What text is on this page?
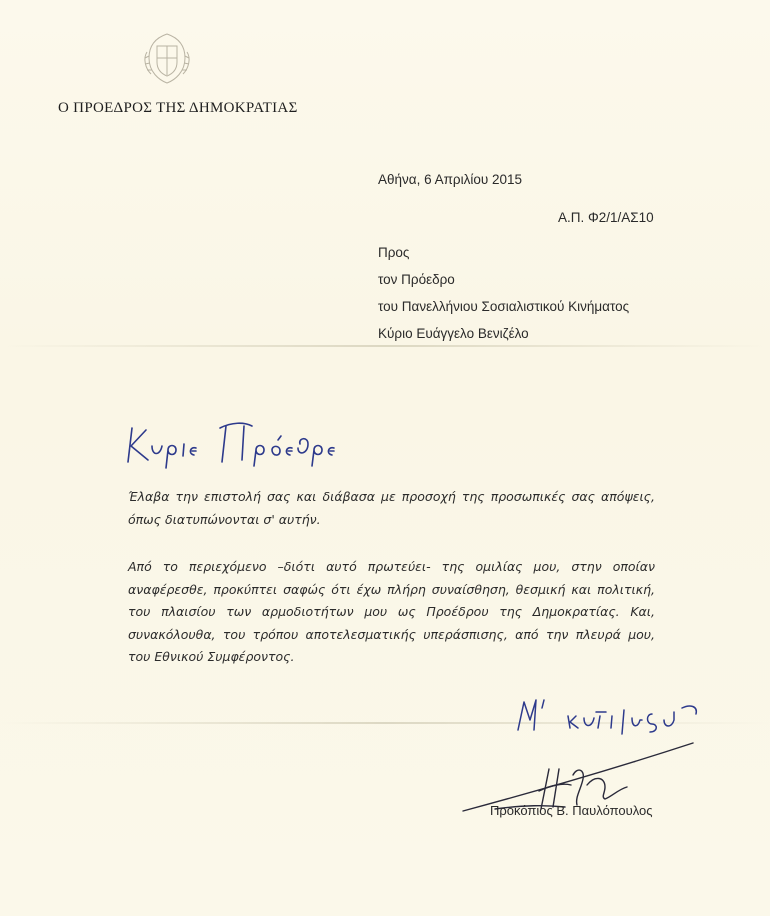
Ο ΠΡΟΕΔΡΟΣ ΤΗΣ ΔΗΜΟΚΡΑΤΙΑΣ
Αθήνα, 6 Απριλίου 2015
Α.Π. Φ2/1/ΑΣ10
Προς
τον Πρόεδρο
του Πανελλήνιου Σοσιαλιστικού Κινήματος
Κύριο Ευάγγελο Βενιζέλο
Έλαβα την επιστολή σας και διάβασα με προσοχή της προσωπικές σας απόψεις,
όπως διατυπώνονται σ' αυτήν.
Από το περιεχόμενο –διότι αυτό πρωτεύει- της ομιλίας μου, στην οποίαν
αναφέρεσθε, προκύπτει σαφώς ότι έχω πλήρη συναίσθηση, θεσμική και πολιτική,
του πλαισίου των αρμοδιοτήτων μου ως Προέδρου της Δημοκρατίας. Και,
συνακόλουθα, του τρόπου αποτελεσματικής υπεράσπισης, από την πλευρά μου,
του Εθνικού Συμφέροντος.
Προκόπιος Β. Παυλόπουλος
